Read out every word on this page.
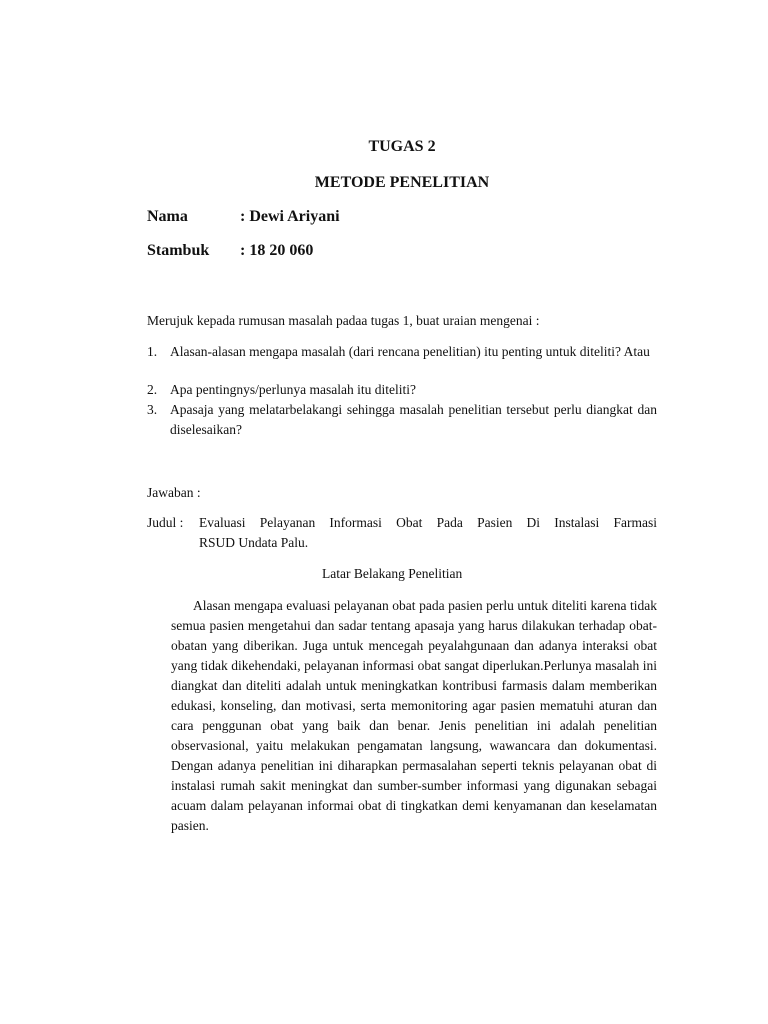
TUGAS 2
METODE PENELITIAN
Nama	: Dewi Ariyani
Stambuk : 18 20 060
Merujuk kepada rumusan masalah padaa tugas 1, buat uraian mengenai :
1. Alasan-alasan mengapa masalah (dari rencana penelitian) itu penting untuk diteliti? Atau
2. Apa pentingnys/perlunya masalah itu diteliti?
3. Apasaja yang melatarbelakangi sehingga masalah penelitian tersebut perlu diangkat dan diselesaikan?
Jawaban :
Judul : Evaluasi Pelayanan Informasi Obat Pada Pasien Di Instalasi Farmasi
RSUD Undata Palu.
Latar Belakang Penelitian
Alasan mengapa evaluasi pelayanan obat pada pasien perlu untuk diteliti karena tidak semua pasien mengetahui dan sadar tentang apasaja yang harus dilakukan terhadap obat-obatan yang diberikan. Juga untuk mencegah peyalahgunaan dan adanya interaksi obat yang tidak dikehendaki, pelayanan informasi obat sangat diperlukan.Perlunya masalah ini diangkat dan diteliti adalah untuk meningkatkan kontribusi farmasis dalam memberikan edukasi, konseling, dan motivasi, serta memonitoring agar pasien mematuhi aturan dan cara penggunan obat yang baik dan benar. Jenis penelitian ini adalah penelitian observasional, yaitu melakukan pengamatan langsung, wawancara dan dokumentasi. Dengan adanya penelitian ini diharapkan permasalahan seperti teknis pelayanan obat di instalasi rumah sakit meningkat dan sumber-sumber informasi yang digunakan sebagai acuam dalam pelayanan informai obat di tingkatkan demi kenyamanan dan keselamatan pasien.
